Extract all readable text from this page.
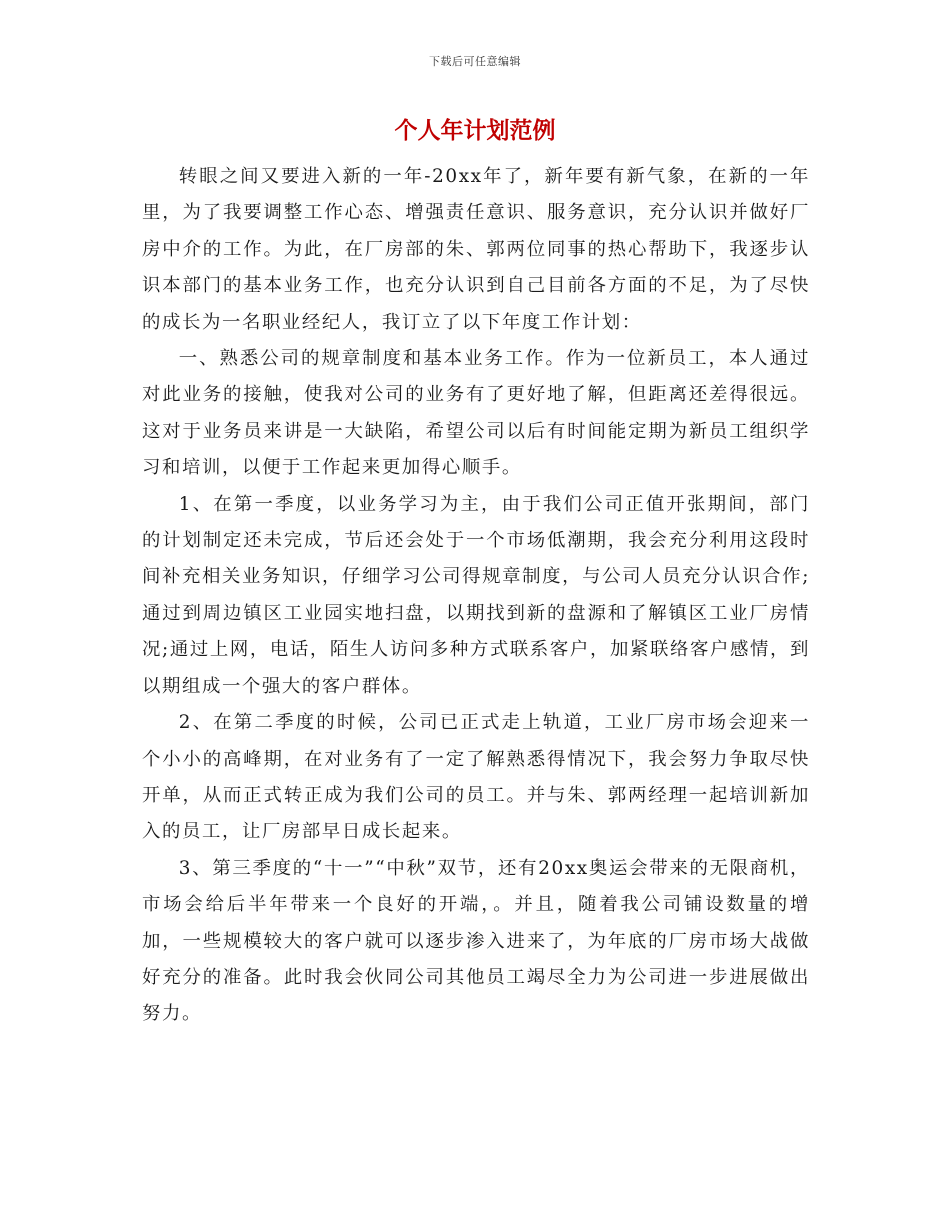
下载后可任意编辑
个人年计划范例

转眼之间又要进入新的一年-20xx年了，新年要有新气象，在新的一年里，为了我要调整工作心态、增强责任意识、服务意识，充分认识并做好厂房中介的工作。为此，在厂房部的朱、郭两位同事的热心帮助下，我逐步认识本部门的基本业务工作，也充分认识到自己目前各方面的不足，为了尽快的成长为一名职业经纪人，我订立了以下年度工作计划：

一、熟悉公司的规章制度和基本业务工作。作为一位新员工，本人通过对此业务的接触，使我对公司的业务有了更好地了解，但距离还差得很远。这对于业务员来讲是一大缺陷，希望公司以后有时间能定期为新员工组织学习和培训，以便于工作起来更加得心顺手。

1、在第一季度，以业务学习为主，由于我们公司正值开张期间，部门的计划制定还未完成，节后还会处于一个市场低潮期，我会充分利用这段时间补充相关业务知识，仔细学习公司得规章制度，与公司人员充分认识合作;通过到周边镇区工业园实地扫盘，以期找到新的盘源和了解镇区工业厂房情况;通过上网，电话，陌生人访问多种方式联系客户，加紧联络客户感情，到以期组成一个强大的客户群体。

2、在第二季度的时候，公司已正式走上轨道，工业厂房市场会迎来一个小小的高峰期，在对业务有了一定了解熟悉得情况下，我会努力争取尽快开单，从而正式转正成为我们公司的员工。并与朱、郭两经理一起培训新加入的员工，让厂房部早日成长起来。

3、第三季度的“十一”“中秋”双节，还有20xx奥运会带来的无限商机，市场会给后半年带来一个良好的开端，。并且，随着我公司铺设数量的增加，一些规模较大的客户就可以逐步渗入进来了，为年底的厂房市场大战做好充分的准备。此时我会伙同公司其他员工竭尽全力为公司进一步进展做出努力。
